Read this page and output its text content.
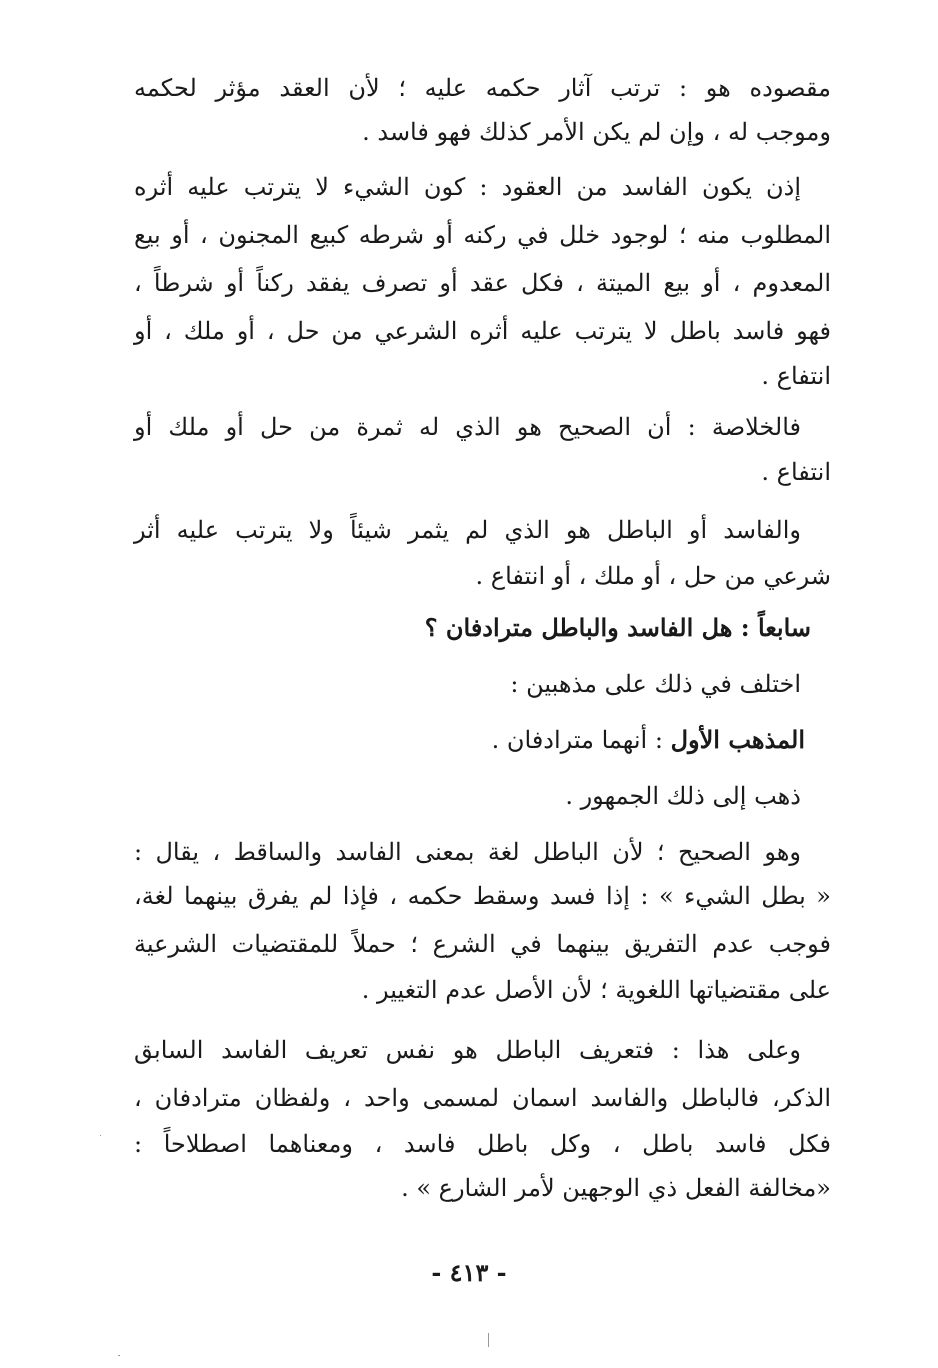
مقصوده هو : ترتب آثار حكمه عليه ؛ لأن العقد مؤثر لحكمه
وموجب له ، وإن لم يكن الأمر كذلك فهو فاسد .
إذن يكون الفاسد من العقود : كون الشيء لا يترتب عليه أثره
المطلوب منه ؛ لوجود خلل في ركنه أو شرطه كبيع المجنون ، أو بيع
المعدوم ، أو بيع الميتة ، فكل عقد أو تصرف يفقد ركناً أو شرطاً ،
فهو فاسد باطل لا يترتب عليه أثره الشرعي من حل ، أو ملك ، أو
انتفاع .
فالخلاصة : أن الصحيح هو الذي له ثمرة من حل أو ملك أو
انتفاع .
والفاسد أو الباطل هو الذي لم يثمر شيئاً ولا يترتب عليه أثر
شرعي من حل ، أو ملك ، أو انتفاع .
سابعاً : هل الفاسد والباطل مترادفان ؟
اختلف في ذلك على مذهبين :
المذهب الأول : أنهما مترادفان .
ذهب إلى ذلك الجمهور .
وهو الصحيح ؛ لأن الباطل لغة بمعنى الفاسد والساقط ، يقال :
« بطل الشيء » : إذا فسد وسقط حكمه ، فإذا لم يفرق بينهما لغة،
فوجب عدم التفريق بينهما في الشرع ؛ حملاً للمقتضيات الشرعية
على مقتضياتها اللغوية ؛ لأن الأصل عدم التغيير .
وعلى هذا : فتعريف الباطل هو نفس تعريف الفاسد السابق
الذكر، فالباطل والفاسد اسمان لمسمى واحد ، ولفظان مترادفان ،
فكل فاسد باطل ، وكل باطل فاسد ، ومعناهما اصطلاحاً :
«مخالفة الفعل ذي الوجهين لأمر الشارع » .
- ٤١٣ -
